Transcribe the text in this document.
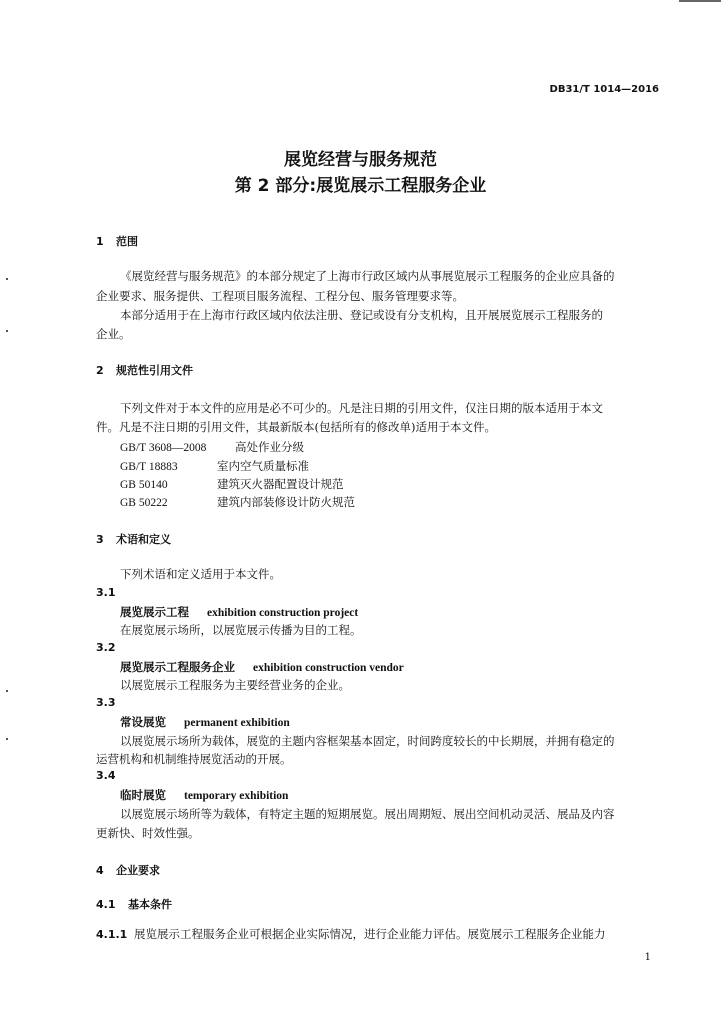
DB31/T 1014—2016
展览经营与服务规范
第 2 部分:展览展示工程服务企业
1 范围
《展览经营与服务规范》的本部分规定了上海市行政区域内从事展览展示工程服务的企业应具备的
企业要求、服务提供、工程项目服务流程、工程分包、服务管理要求等。
本部分适用于在上海市行政区域内依法注册、登记或设有分支机构，且开展展览展示工程服务的
企业。
2 规范性引用文件
下列文件对于本文件的应用是必不可少的。凡是注日期的引用文件，仅注日期的版本适用于本文
件。凡是不注日期的引用文件，其最新版本(包括所有的修改单)适用于本文件。
GB/T 3608—2008 高处作业分级
GB/T 18883	室内空气质量标准
GB 50140	建筑灭火器配置设计规范
GB 50222	建筑内部装修设计防火规范
3 术语和定义
下列术语和定义适用于本文件。
3.1
展览展示工程 exhibition construction project
在展览展示场所，以展览展示传播为目的工程。
3.2
展览展示工程服务企业 exhibition construction vendor
以展览展示工程服务为主要经营业务的企业。
3.3
常设展览 permanent exhibition
以展览展示场所为载体，展览的主题内容框架基本固定，时间跨度较长的中长期展，并拥有稳定的
运营机构和机制维持展览活动的开展。
3.4
临时展览 temporary exhibition
以展览展示场所等为载体，有特定主题的短期展览。展出周期短、展出空间机动灵活、展品及内容
更新快、时效性强。
4 企业要求
4.1 基本条件
4.1.1 展览展示工程服务企业可根据企业实际情况，进行企业能力评估。展览展示工程服务企业能力
1
